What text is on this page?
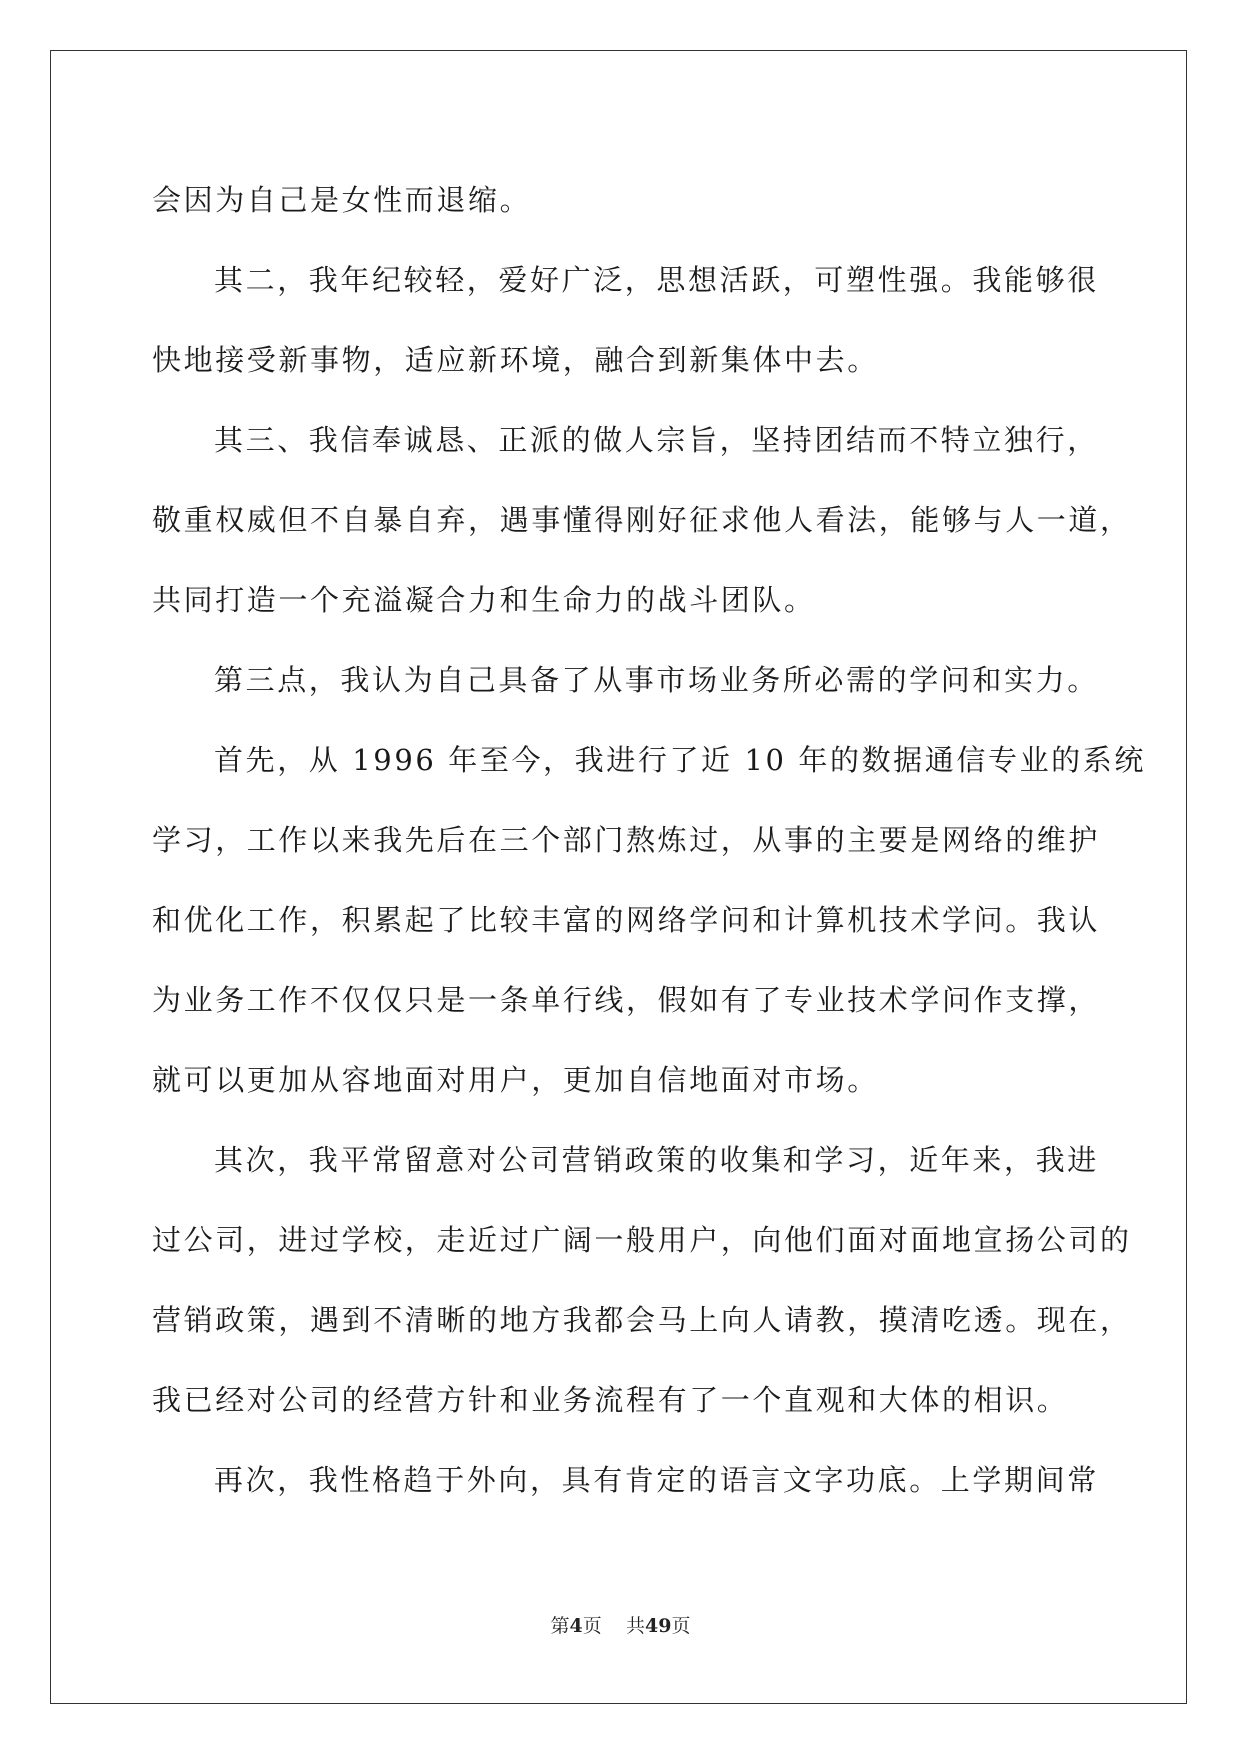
会因为自己是女性而退缩。
其二，我年纪较轻，爱好广泛，思想活跃，可塑性强。我能够很
快地接受新事物，适应新环境，融合到新集体中去。
其三、我信奉诚恳、正派的做人宗旨，坚持团结而不特立独行，
敬重权威但不自暴自弃，遇事懂得刚好征求他人看法，能够与人一道，
共同打造一个充溢凝合力和生命力的战斗团队。
第三点，我认为自己具备了从事市场业务所必需的学问和实力。
首先，从 1996 年至今，我进行了近 10 年的数据通信专业的系统
学习，工作以来我先后在三个部门熬炼过，从事的主要是网络的维护
和优化工作，积累起了比较丰富的网络学问和计算机技术学问。我认
为业务工作不仅仅只是一条单行线，假如有了专业技术学问作支撑，
就可以更加从容地面对用户，更加自信地面对市场。
其次，我平常留意对公司营销政策的收集和学习，近年来，我进
过公司，进过学校，走近过广阔一般用户，向他们面对面地宣扬公司的
营销政策，遇到不清晰的地方我都会马上向人请教，摸清吃透。现在，
我已经对公司的经营方针和业务流程有了一个直观和大体的相识。
再次，我性格趋于外向，具有肯定的语言文字功底。上学期间常
第4页 共49页
